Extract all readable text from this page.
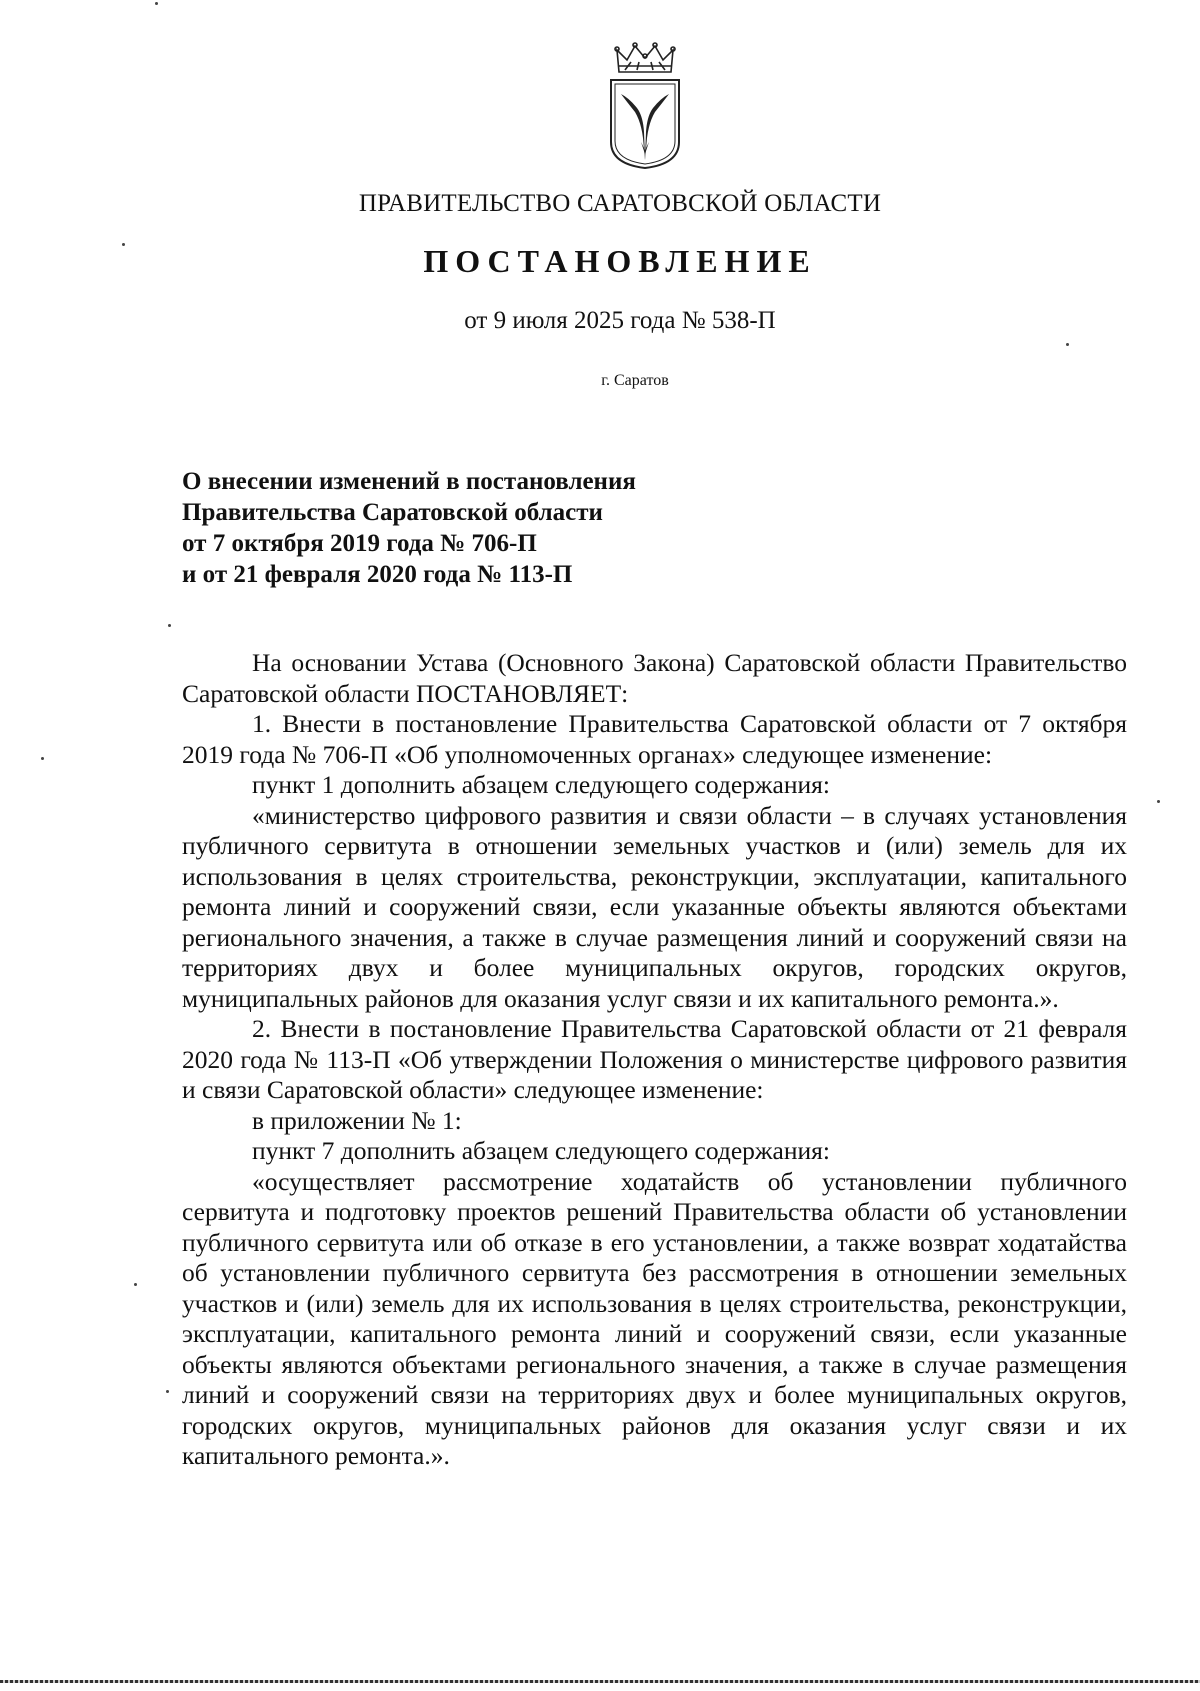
ПРАВИТЕЛЬСТВО САРАТОВСКОЙ ОБЛАСТИ
ПОСТАНОВЛЕНИЕ
от 9 июля 2025 года № 538-П
г. Саратов
О внесении изменений в постановления
Правительства Саратовской области
от 7 октября 2019 года № 706-П
и от 21 февраля 2020 года № 113-П

На основании Устава (Основного Закона) Саратовской области Правительство Саратовской области ПОСТАНОВЛЯЕТ:

1. Внести в постановление Правительства Саратовской области от 7 октября 2019 года № 706-П «Об уполномоченных органах» следующее изменение:

пункт 1 дополнить абзацем следующего содержания:

«министерство цифрового развития и связи области – в случаях установления публичного сервитута в отношении земельных участков и (или) земель для их использования в целях строительства, реконструкции, эксплуатации, капитального ремонта линий и сооружений связи, если указанные объекты являются объектами регионального значения, а также в случае размещения линий и сооружений связи на территориях двух и более муниципальных округов, городских округов, муниципальных районов для оказания услуг связи и их капитального ремонта.».

2. Внести в постановление Правительства Саратовской области от 21 февраля 2020 года № 113-П «Об утверждении Положения о министерстве цифрового развития и связи Саратовской области» следующее изменение:

в приложении № 1:

пункт 7 дополнить абзацем следующего содержания:

«осуществляет рассмотрение ходатайств об установлении публичного сервитута и подготовку проектов решений Правительства области об установлении публичного сервитута или об отказе в его установлении, а также возврат ходатайства об установлении публичного сервитута без рассмотрения в отношении земельных участков и (или) земель для их использования в целях строительства, реконструкции, эксплуатации, капитального ремонта линий и сооружений связи, если указанные объекты являются объектами регионального значения, а также в случае размещения линий и сооружений связи на территориях двух и более муниципальных округов, городских округов, муниципальных районов для оказания услуг связи и их капитального ремонта.».
